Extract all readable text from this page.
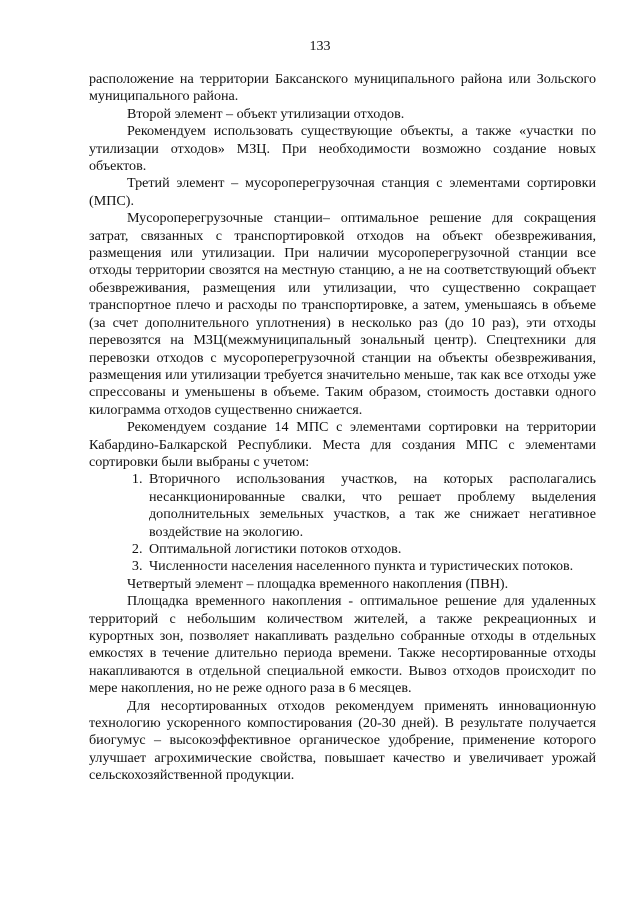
133

расположение на территории Баксанского муниципального района или Зольского муниципального района.

Второй элемент – объект утилизации отходов.

Рекомендуем использовать существующие объекты, а также «участки по утилизации отходов» МЗЦ. При необходимости возможно создание новых объектов.

Третий элемент – мусороперегрузочная станция с элементами сортировки (МПС).

Мусороперегрузочные станции– оптимальное решение для сокращения затрат, связанных с транспортировкой отходов на объект обезвреживания, размещения или утилизации. При наличии мусороперегрузочной станции все отходы территории свозятся на местную станцию, а не на соответствующий объект обезвреживания, размещения или утилизации, что существенно сокращает транспортное плечо и расходы по транспортировке, а затем, уменьшаясь в объеме (за счет дополнительного уплотнения) в несколько раз (до 10 раз), эти отходы перевозятся на МЗЦ(межмуниципальный зональный центр). Спецтехники для перевозки отходов с мусороперегрузочной станции на объекты обезвреживания, размещения или утилизации требуется значительно меньше, так как все отходы уже спрессованы и уменьшены в объеме. Таким образом, стоимость доставки одного килограмма отходов существенно снижается.

Рекомендуем создание 14 МПС с элементами сортировки на территории Кабардино-Балкарской Республики. Места для создания МПС с элементами сортировки были выбраны с учетом:

1. Вторичного использования участков, на которых располагались несанкционированные свалки, что решает проблему выделения дополнительных земельных участков, а так же снижает негативное воздействие на экологию.
2. Оптимальной логистики потоков отходов.
3. Численности населения населенного пункта и туристических потоков.

Четвертый элемент – площадка временного накопления (ПВН).

Площадка временного накопления - оптимальное решение для удаленных территорий с небольшим количеством жителей, а также рекреационных и курортных зон, позволяет накапливать раздельно собранные отходы в отдельных емкостях в течение длительно периода времени. Также несортированные отходы накапливаются в отдельной специальной емкости. Вывоз отходов происходит по мере накопления, но не реже одного раза в 6 месяцев.

Для несортированных отходов рекомендуем применять инновационную технологию ускоренного компостирования (20-30 дней). В результате получается биогумус – высокоэффективное органическое удобрение, применение которого улучшает агрохимические свойства, повышает качество и увеличивает урожай сельскохозяйственной продукции.
